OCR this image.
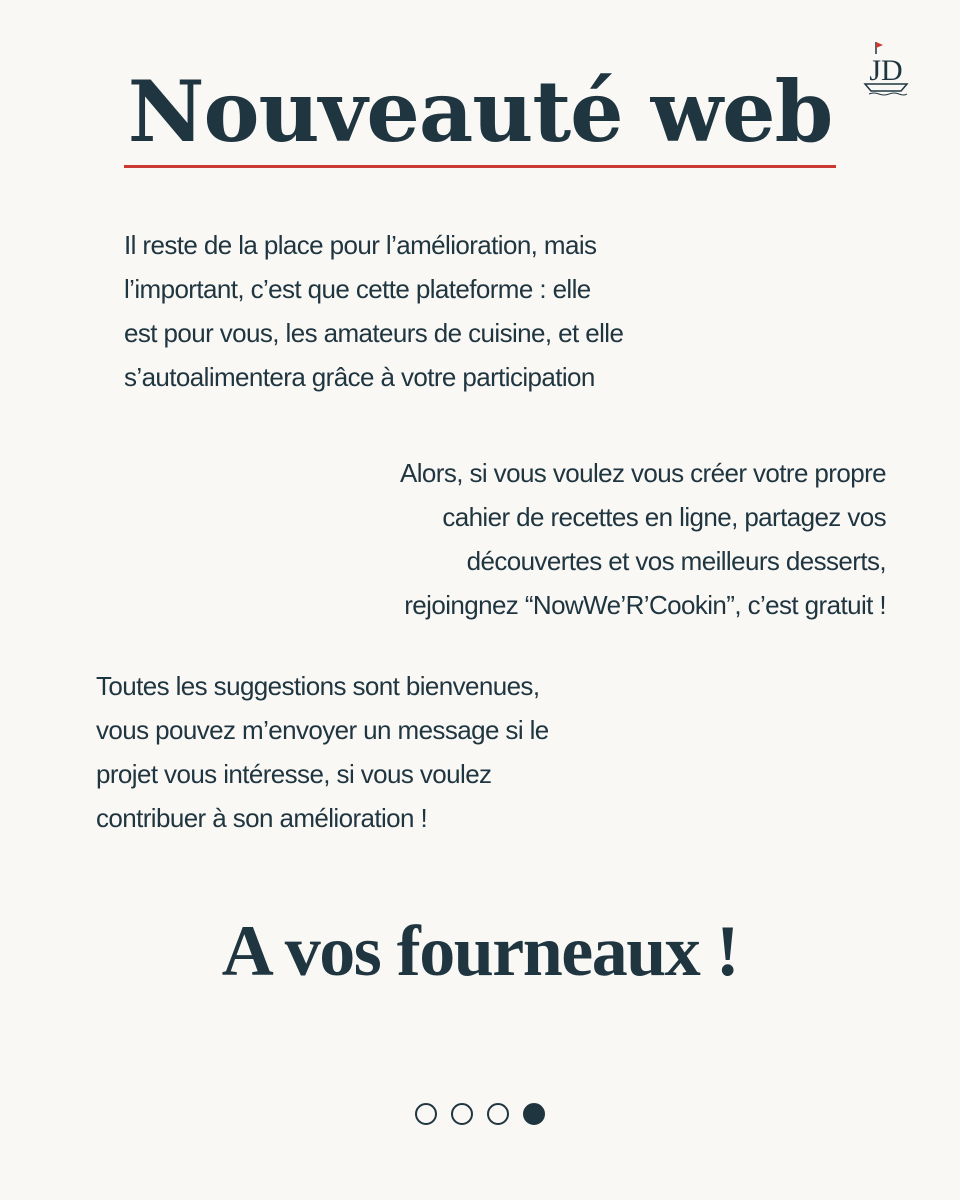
JD
Nouveauté web

Il reste de la place pour l’amélioration, mais
l’important, c’est que cette plateforme : elle
est pour vous, les amateurs de cuisine, et elle
s’autoalimentera grâce à votre participation

Alors, si vous voulez vous créer votre propre
cahier de recettes en ligne, partagez vos
découvertes et vos meilleurs desserts,
rejoingnez “NowWe’R’Cookin”, c’est gratuit !

Toutes les suggestions sont bienvenues,
vous pouvez m’envoyer un message si le
projet vous intéresse, si vous voulez
contribuer à son amélioration !

A vos fourneaux !
